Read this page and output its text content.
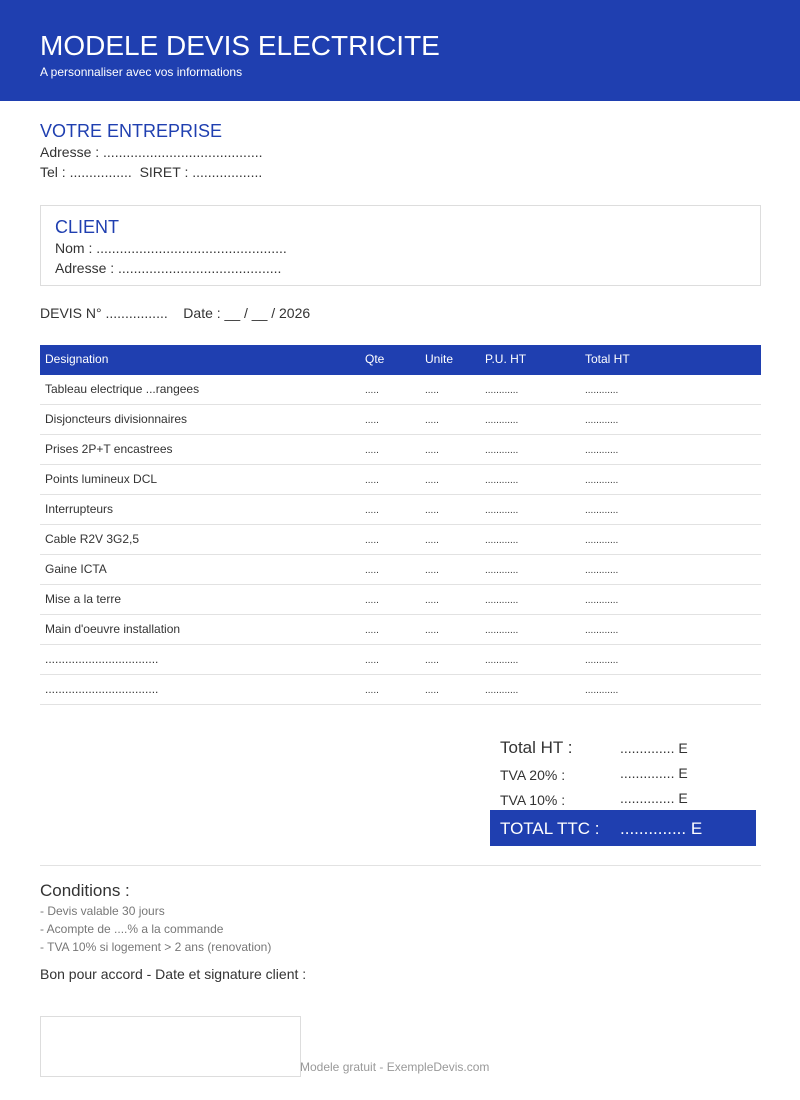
MODELE DEVIS ELECTRICITE
A personnaliser avec vos informations
VOTRE ENTREPRISE
Adresse : .........................................
Tel : ................  SIRET : ..................
CLIENT
Nom : .................................................
Adresse : ..........................................
DEVIS N° ................    Date : __ / __ / 2026
Designation	Qte	Unite	P.U. HT	Total HT
Tableau electrique ...rangees	.....	.....	............	............
Disjoncteurs divisionnaires	.....	.....	............	............
Prises 2P+T encastrees	.....	.....	............	............
Points lumineux DCL	.....	.....	............	............
Interrupteurs	.....	.....	............	............
Cable R2V 3G2,5	.....	.....	............	............
Gaine ICTA	.....	.....	............	............
Mise a la terre	.....	.....	............	............
Main d'oeuvre installation	.....	.....	............	............
..................................	.....	.....	............	............
..................................	.....	.....	............	............
Total HT :	.............. E
TVA 20% :	.............. E
TVA 10% :	.............. E
TOTAL TTC : .............. E
Conditions :
- Devis valable 30 jours
- Acompte de ....% a la commande
- TVA 10% si logement > 2 ans (renovation)
Bon pour accord - Date et signature client :
Modele gratuit - ExempleDevis.com
